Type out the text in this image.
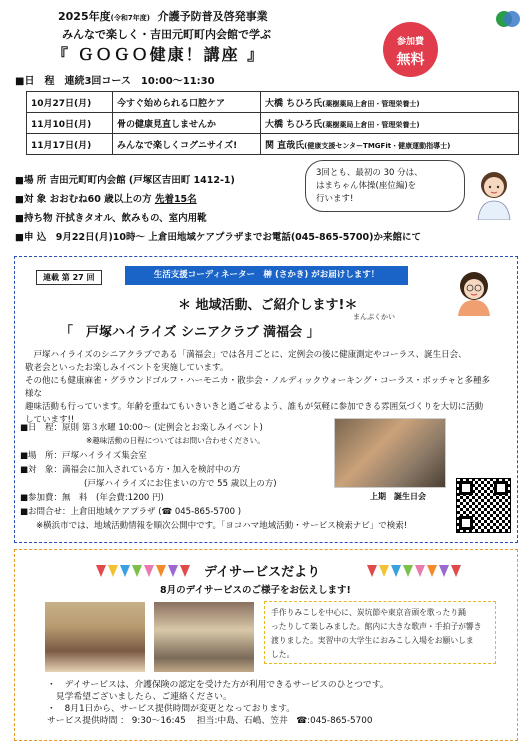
2025年度(令和7年度) 介護予防普及啓発事業
みんなで楽しく・吉田元町町内会館で学ぶ
『 ＧＯＧＯ健康！講座 』
参加費
無料
■日　程　連続3回コース　10:00～11:30
10月27日(月)	今すぐ始められる口腔ケア	大橋 ちひろ氏(薬樹薬局上倉田・管理栄養士)
11月10日(月)	骨の健康見直しませんか	大橋 ちひろ氏(薬樹薬局上倉田・管理栄養士)
11月17日(月)	みんなで楽しくコグニサイズ!	関 直哉氏(健康支援センターTMGFit・健康運動指導士)
■場 所 吉田元町町内会館 (戸塚区吉田町 1412-1)
■対 象 おおむね60 歳以上の方 先着15名
■持ち物 汗拭きタオル、飲みもの、室内用靴
■申 込　9月22日(月)10時～ 上倉田地域ケアプラザまでお電話(045-865-5700)か来館にて
3回とも、最初の 30 分は、
はまちゃん体操(座位編)を
行います!
連載 第 27 回	生活支援コーディネーター　榊 (さかき) がお届けします！
＊ 地域活動、ご紹介します!＊
まんぷくかい
「　戸塚ハイライズ シニアクラブ 満福会 」

戸塚ハイライズのシニアクラブである「満福会」では各月ごとに、定例会の後に健康測定やコーラス、誕生日会、

敬老会といったお楽しみイベントを実施しています。

その他にも健康麻雀・グラウンドゴルフ・ハーモニカ・散歩会・ノルディックウォーキング・コーラス・ボッチャと多種多様な

趣味活動も行っています。年齢を重ねてもいきいきと過ごせるよう、誰もが気軽に参加できる雰囲気づくりを大切に活動

しています!!

■日　程：原則 第３水曜 10:00～ (定例会とお楽しみイベント)
※趣味活動の日程についてはお問い合わせください。
■場　所：戸塚ハイライズ集会室
■対　象：満福会に加入されている方・加入を検討中の方
(戸塚ハイライズにお住まいの方で 55 歳以上の方)
■参加費：無　料　(年会費:1200 円)
■お問合せ：上倉田地域ケアプラザ (☎ 045-865-5700 )
※横浜市では、地域活動情報を順次公開中です。「ヨコハマ地域活動・サービス検索ナビ」で検索!
上期　誕生日会
デイサービスだより
8月のデイサービスのご様子をお伝えします!
手作りみこしを中心に、炭坑節や東京音頭を歌ったり踊
ったりして楽しみました。館内に大きな歌声・手拍子が響き
渡りました。実習中の大学生におみこし入場をお願いしま
した。
・　デイサービスは、介護保険の認定を受けた方が利用できるサービスのひとつです。
　見学希望ございましたら、ご連絡ください。
・　8月1日から、サービス提供時間が変更となっております。
サービス提供時間 ： 9:30～16:45 担当:中島、石嶋、笠井 ☎:045-865-5700
